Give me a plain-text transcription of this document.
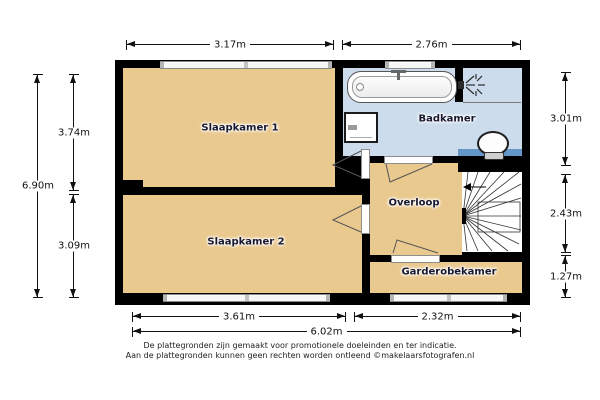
3.17m	2.76m
6.90m
3.74m
3.09m
3.01m
2.43m
1.27m
3.61m	2.32m
6.02m
Slaapkamer 1
Slaapkamer 2
Badkamer
Overloop
Garderobekamer
De plattegronden zijn gemaakt voor promotionele doeleinden en ter indicatie.
Aan de plattegronden kunnen geen rechten worden ontleend ©makelaarsfotografen.nl
